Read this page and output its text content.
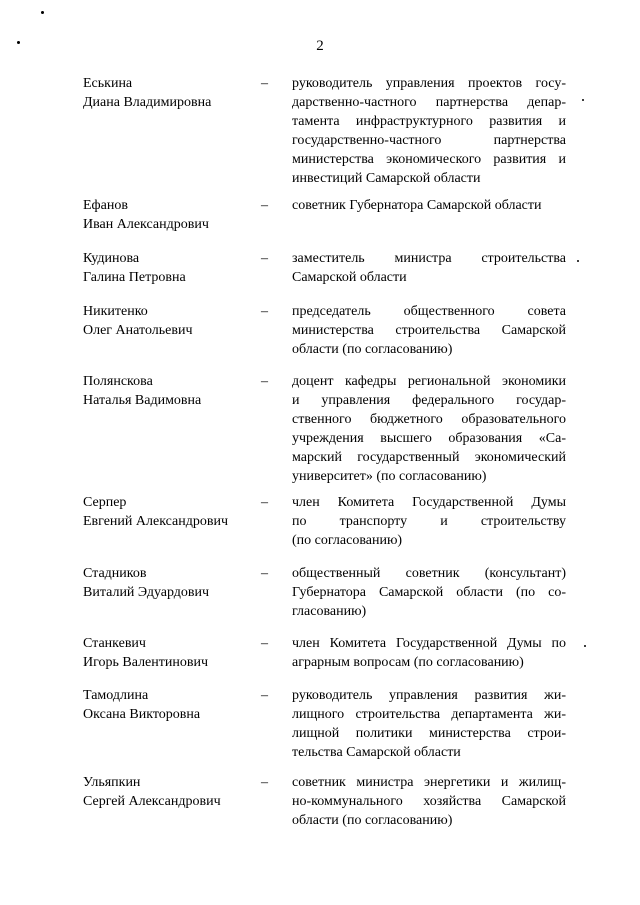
2
Еськина
Диана Владимировна
–	руководитель управления проектов госу-
дарственно-частного партнерства депар-
тамента инфраструктурного развития и
государственно-частного партнерства
министерства экономического развития и
инвестиций Самарской области
Ефанов
Иван Александрович
–	советник Губернатора Самарской области
Кудинова
Галина Петровна
–	заместитель министра строительства
Самарской области
Никитенко
Олег Анатольевич
–	председатель общественного совета
министерства строительства Самарской
области (по согласованию)
Полянскова
Наталья Вадимовна
–	доцент кафедры региональной экономики
и управления федерального государ-
ственного бюджетного образовательного
учреждения высшего образования «Са-
марский государственный экономический
университет» (по согласованию)
Серпер
Евгений Александрович
–	член Комитета Государственной Думы
по транспорту и строительству
(по согласованию)
Стадников
Виталий Эдуардович
–	общественный советник (консультант)
Губернатора Самарской области (по со-
гласованию)
Станкевич
Игорь Валентинович
–	член Комитета Государственной Думы по
аграрным вопросам (по согласованию)
Тамодлина
Оксана Викторовна
–	руководитель управления развития жи-
лищного строительства департамента жи-
лищной политики министерства строи-
тельства Самарской области
Ульяпкин
Сергей Александрович
–	советник министра энергетики и жилищ-
но-коммунального хозяйства Самарской
области (по согласованию)
